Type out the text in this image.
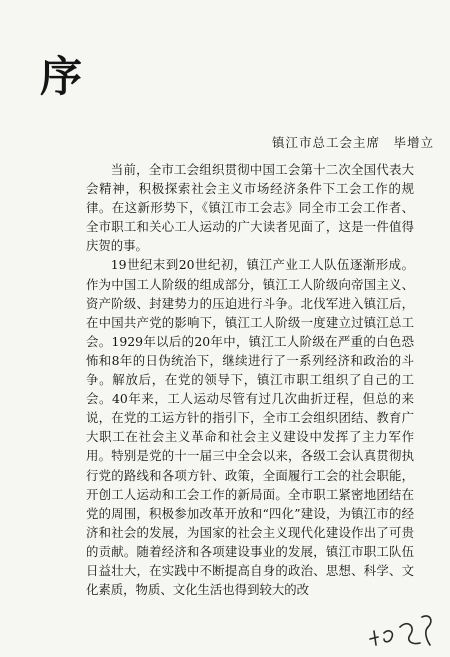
序
镇江市总工会主席　毕增立

当前，全市工会组织贯彻中国工会第十二次全国代表大会精神，积极探索社会主义市场经济条件下工会工作的规律。在这新形势下，《镇江市工会志》同全市工会工作者、全市职工和关心工人运动的广大读者见面了，这是一件值得庆贺的事。

19世纪末到20世纪初，镇江产业工人队伍逐渐形成。作为中国工人阶级的组成部分，镇江工人阶级向帝国主义、资产阶级、封建势力的压迫进行斗争。北伐军进入镇江后，在中国共产党的影响下，镇江工人阶级一度建立过镇江总工会。1929年以后的20年中，镇江工人阶级在严重的白色恐怖和8年的日伪统治下，继续进行了一系列经济和政治的斗争。解放后，在党的领导下，镇江市职工组织了自己的工会。40年来，工人运动尽管有过几次曲折迂程，但总的来说，在党的工运方针的指引下，全市工会组织团结、教育广大职工在社会主义革命和社会主义建设中发挥了主力军作用。特别是党的十一届三中全会以来，各级工会认真贯彻执行党的路线和各项方针、政策，全面履行工会的社会职能，开创工人运动和工会工作的新局面。全市职工紧密地团结在党的周围，积极参加改革开放和“四化”建设，为镇江市的经济和社会的发展，为国家的社会主义现代化建设作出了可贵的贡献。随着经济和各项建设事业的发展，镇江市职工队伍日益壮大，在实践中不断提高自身的政治、思想、科学、文化素质，物质、文化生活也得到较大的改
